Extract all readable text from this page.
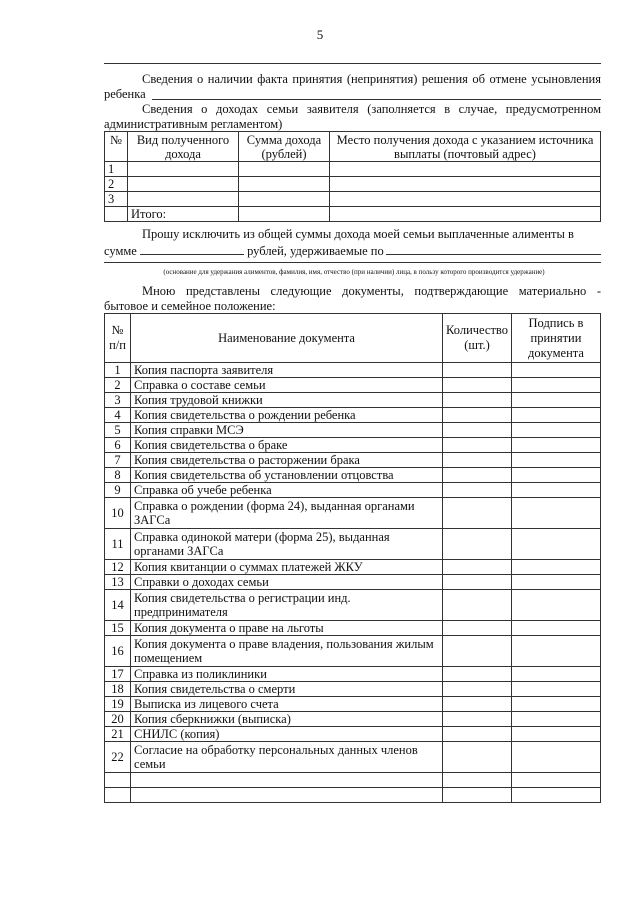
5
Сведения о наличии факта принятия (непринятия) решения об отмене усыновления ребенка
Сведения о доходах семьи заявителя (заполняется в случае, предусмотренном административным регламентом)
№	Вид полученного дохода	Сумма дохода (рублей)	Место получения дохода с указанием источника выплаты (почтовый адрес)
1			
2			
3			
	Итого:		
Прошу исключить из общей суммы дохода моей семьи выплаченные алименты в
сумме	рублей, удерживаемые по
(основание для удержания алиментов, фамилия, имя, отчество (при наличии) лица, в пользу которого производится удержание)
Мною представлены следующие документы, подтверждающие материально - бытовое и семейное положение:
№ п/п	Наименование документа	Количество (шт.)	Подпись в принятии документа
1	Копия паспорта заявителя		
2	Справка о составе семьи		
3	Копия трудовой книжки		
4	Копия свидетельства о рождении ребенка		
5	Копия справки МСЭ		
6	Копия свидетельства о браке		
7	Копия свидетельства о расторжении брака		
8	Копия свидетельства об установлении отцовства		
9	Справка об учебе ребенка		
10	Справка о рождении (форма 24), выданная органами ЗАГСа		
11	Справка одинокой матери (форма 25), выданная органами ЗАГСа		
12	Копия квитанции о суммах платежей ЖКУ		
13	Справки о доходах семьи		
14	Копия свидетельства о регистрации инд. предпринимателя		
15	Копия документа о праве на льготы		
16	Копия документа о праве владения, пользования жилым помещением		
17	Справка из поликлиники		
18	Копия свидетельства о смерти		
19	Выписка из лицевого счета		
20	Копия сберкнижки (выписка)		
21	СНИЛС (копия)		
22	Согласие на обработку персональных данных членов семьи		
